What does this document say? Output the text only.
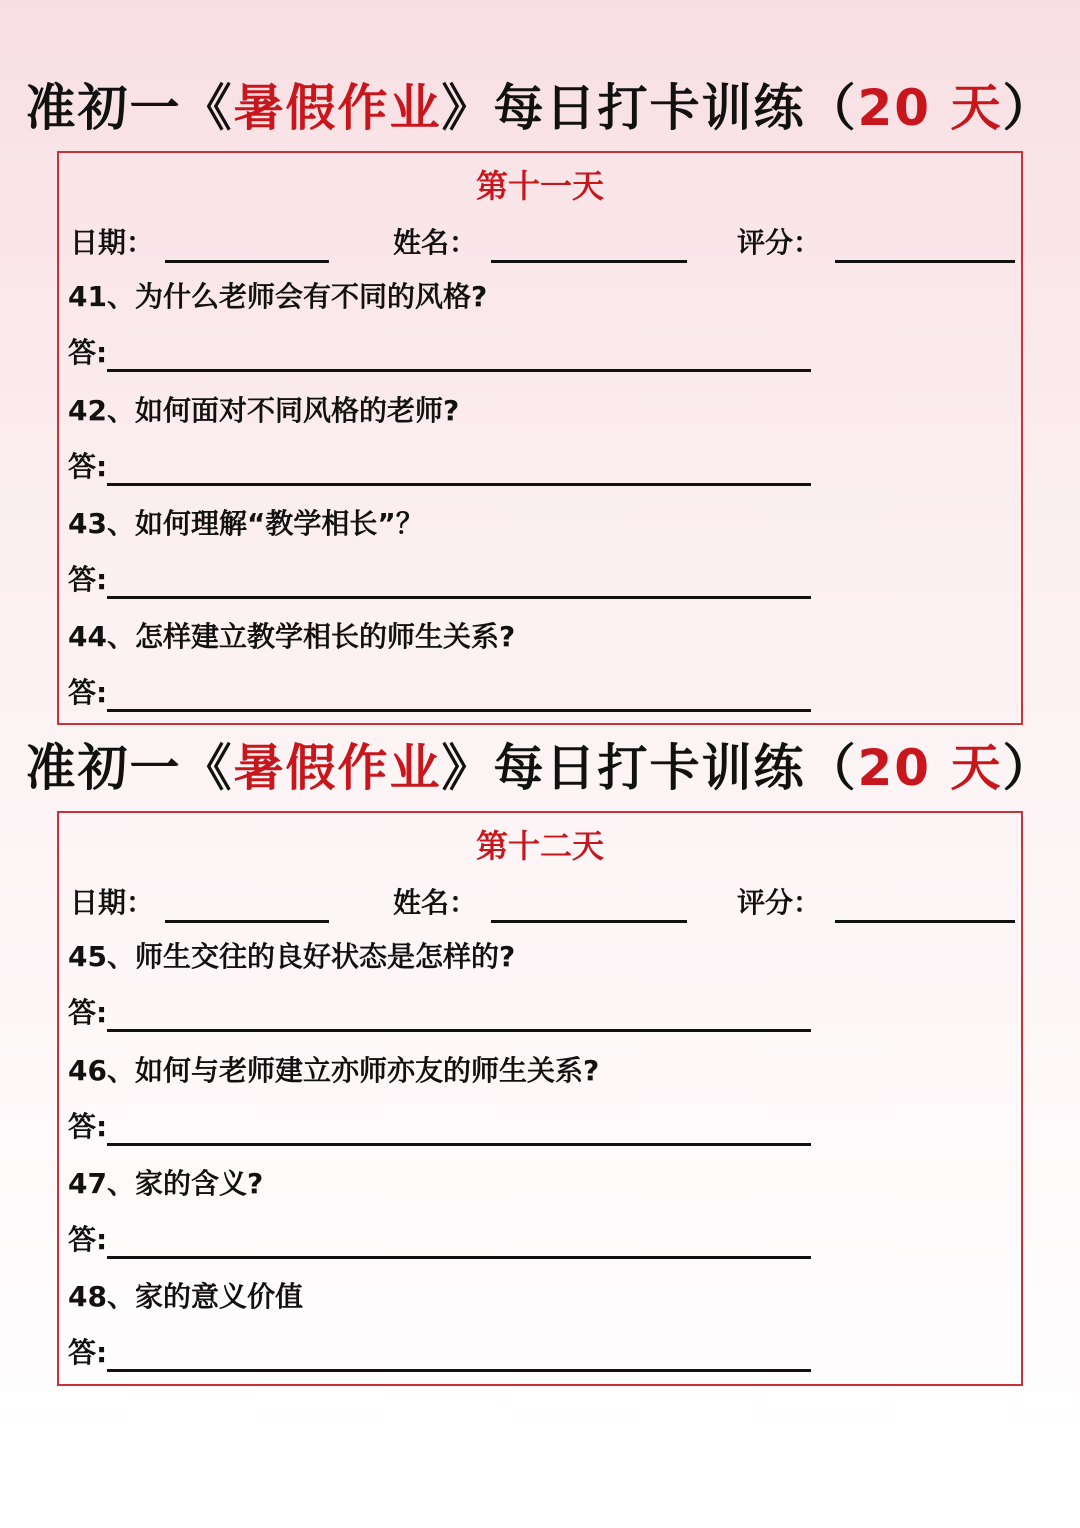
准初一《暑假作业》每日打卡训练（20 天）
第十一天
日期：	姓名：	评分：
41、为什么老师会有不同的风格?
答:
42、如何面对不同风格的老师?
答:
43、如何理解“教学相长”？
答:
44、怎样建立教学相长的师生关系?
答:
准初一《暑假作业》每日打卡训练（20 天）
第十二天
日期：	姓名：	评分：
45、师生交往的良好状态是怎样的?
答:
46、如何与老师建立亦师亦友的师生关系?
答:
47、家的含义?
答:
48、家的意义价值
答:
